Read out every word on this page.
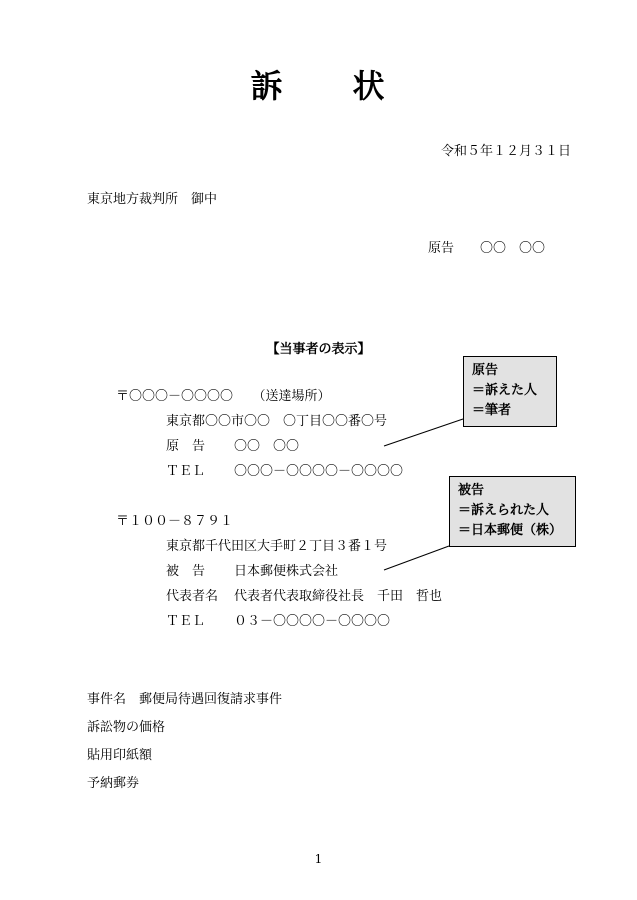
訴　　状
令和５年１２月３１日
東京地方裁判所　御中
原告　　〇〇　〇〇
【当事者の表示】
〒〇〇〇－〇〇〇〇　　（送達場所）
東京都〇〇市〇〇　〇丁目〇〇番〇号
原　告 〇〇　〇〇
ＴＥＬ 〇〇〇－〇〇〇〇－〇〇〇〇
〒１００－８７９１
東京都千代田区大手町２丁目３番１号
被　告 日本郵便株式会社
代表者名 代表者代表取締役社長　千田　哲也
ＴＥＬ ０３－〇〇〇〇－〇〇〇〇
原告
＝訴えた人
＝筆者
被告
＝訴えられた人
＝日本郵便（株）
事件名　郵便局待遇回復請求事件
訴訟物の価格
貼用印紙額
予納郵券
1
